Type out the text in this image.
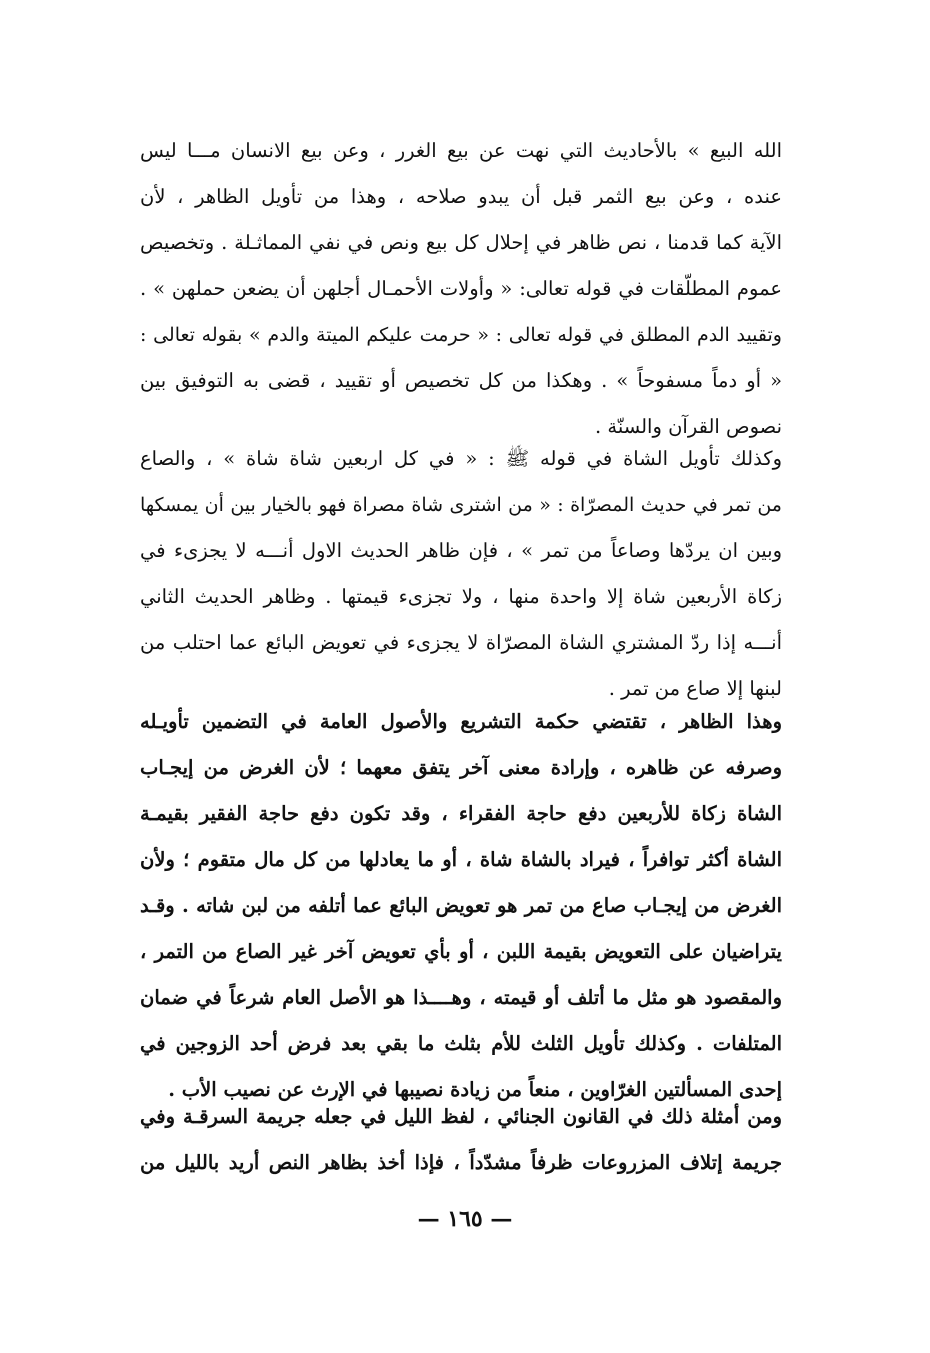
الله البيع » بالأحاديث التي نهت عن بيع الغرر ، وعن بيع الانسان مـــا ليس
عنده ، وعن بيع الثمر قبل أن يبدو صلاحه ، وهذا من تأويل الظاهر ، لأن
الآية كما قدمنا ، نص ظاهر في إحلال كل بيع ونص في نفي المماثـلة . وتخصيص
عموم المطلّقات في قوله تعالى: « وأولات الأحمـال أجلهن أن يضعن حملهن » .
وتقييد الدم المطلق في قوله تعالى : « حرمت عليكم الميتة والدم » بقوله تعالى :
« أو دماً مسفوحاً » . وهكذا من كل تخصيص أو تقييد ، قضى به التوفيق بين
نصوص القرآن والسنّة .
وكذلك تأويل الشاة في قوله ﷺ : « في كل اربعين شاة شاة » ، والصاع
من تمر في حديث المصرّاة : « من اشترى شاة مصراة فهو بالخيار بين أن يمسكها
وبين ان يردّها وصاعاً من تمر » ، فإن ظاهر الحديث الاول أنـــه لا يجزىء في
زكاة الأربعين شاة إلا واحدة منها ، ولا تجزىء قيمتها . وظاهر الحديث الثاني
أنـــه إذا ردّ المشتري الشاة المصرّاة لا يجزىء في تعويض البائع عما احتلب من
لبنها إلا صاع من تمر .
وهذا الظاهر ، تقتضي حكمة التشريع والأصول العامة في التضمين تأويـله
وصرفه عن ظاهره ، وإرادة معنى آخر يتفق معهما ؛ لأن الغرض من إيجـاب
الشاة زكاة للأربعين دفع حاجة الفقراء ، وقد تكون دفع حاجة الفقير بقيمـة
الشاة أكثر توافراً ، فيراد بالشاة شاة ، أو ما يعادلها من كل مال متقوم ؛ ولأن
الغرض من إيجـاب صاع من تمر هو تعويض البائع عما أتلفه من لبن شاته . وقـد
يتراضيان على التعويض بقيمة اللبن ، أو بأي تعويض آخر غير الصاع من التمر ،
والمقصود هو مثل ما أتلف أو قيمته ، وهــــذا هو الأصل العام شرعاً في ضمان
المتلفات . وكذلك تأويل الثلث للأم بثلث ما بقي بعد فرض أحد الزوجين في
إحدى المسألتين الغرّاوين ، منعاً من زيادة نصيبها في الإرث عن نصيب الأب .
ومن أمثلة ذلك في القانون الجنائي ، لفظ الليل في جعله جريمة السرقـة وفي
جريمة إتلاف المزروعات ظرفاً مشدّداً ، فإذا أخذ بظاهر النص أريد بالليل من
— ١٦٥ —
